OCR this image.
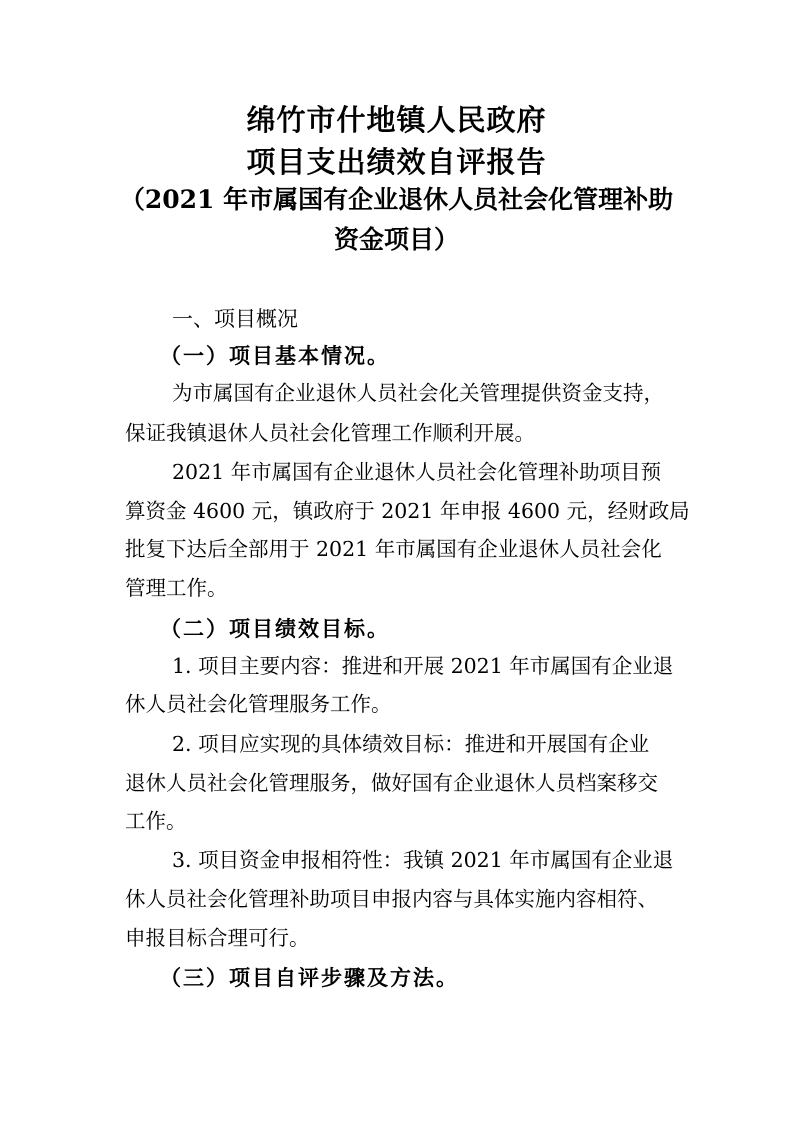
绵竹市什地镇人民政府
项目支出绩效自评报告
（2021 年市属国有企业退休人员社会化管理补助
资金项目）
一、项目概况
（一）项目基本情况。
为市属国有企业退休人员社会化关管理提供资金支持，
保证我镇退休人员社会化管理工作顺利开展。
2021 年市属国有企业退休人员社会化管理补助项目预
算资金 4600 元，镇政府于 2021 年申报 4600 元，经财政局
批复下达后全部用于 2021 年市属国有企业退休人员社会化
管理工作。
（二）项目绩效目标。
1. 项目主要内容：推进和开展 2021 年市属国有企业退
休人员社会化管理服务工作。
2. 项目应实现的具体绩效目标：推进和开展国有企业
退休人员社会化管理服务，做好国有企业退休人员档案移交
工作。
3. 项目资金申报相符性：我镇 2021 年市属国有企业退
休人员社会化管理补助项目申报内容与具体实施内容相符、
申报目标合理可行。
（三）项目自评步骤及方法。
